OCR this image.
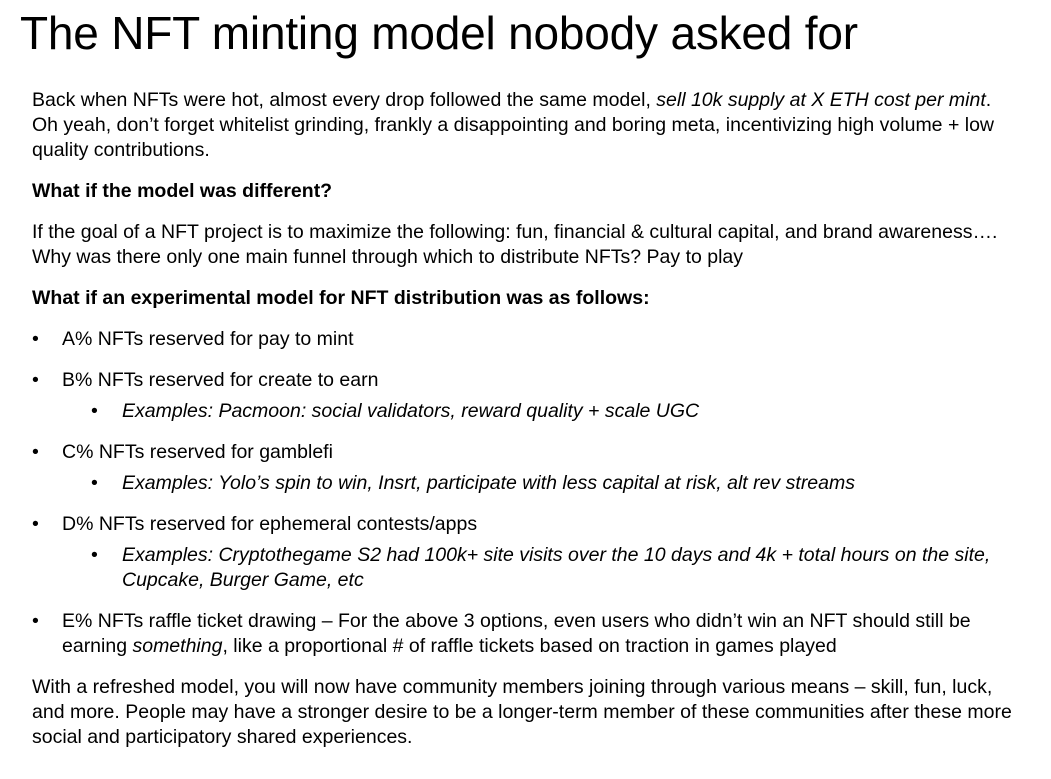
The NFT minting model nobody asked for

Back when NFTs were hot, almost every drop followed the same model, sell 10k supply at X ETH cost per mint. Oh yeah, don’t forget whitelist grinding, frankly a disappointing and boring meta, incentivizing high volume + low quality contributions.

What if the model was different?

If the goal of a NFT project is to maximize the following: fun, financial & cultural capital, and brand awareness…. Why was there only one main funnel through which to distribute NFTs? Pay to play

What if an experimental model for NFT distribution was as follows:

• A% NFTs reserved for pay to mint
• B% NFTs reserved for create to earn
• Examples: Pacmoon: social validators, reward quality + scale UGC
• C% NFTs reserved for gamblefi
• Examples: Yolo’s spin to win, Insrt, participate with less capital at risk, alt rev streams
• D% NFTs reserved for ephemeral contests/apps
• Examples: Cryptothegame S2 had 100k+ site visits over the 10 days and 4k + total hours on the site, Cupcake, Burger Game, etc
• E% NFTs raffle ticket drawing – For the above 3 options, even users who didn’t win an NFT should still be earning something, like a proportional # of raffle tickets based on traction in games played

With a refreshed model, you will now have community members joining through various means – skill, fun, luck, and more. People may have a stronger desire to be a longer-term member of these communities after these more social and participatory shared experiences.
